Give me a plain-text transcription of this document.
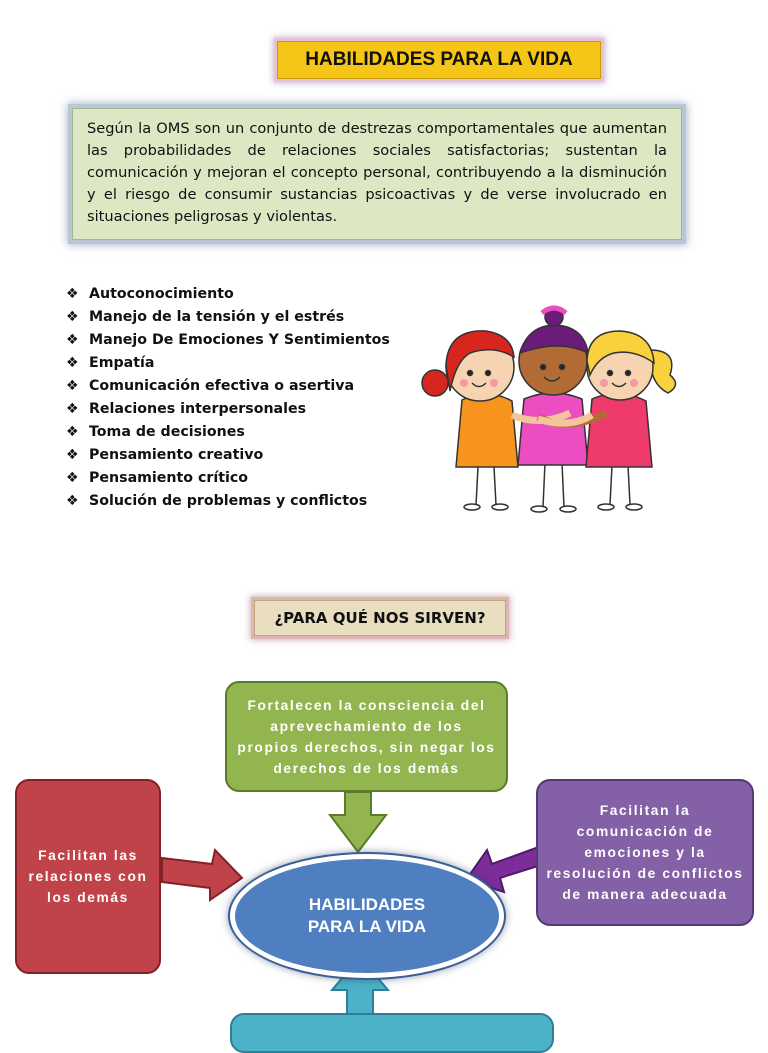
HABILIDADES PARA LA VIDA
Según la OMS son un conjunto de destrezas comportamentales que aumentan las probabilidades de relaciones sociales satisfactorias; sustentan la comunicación y mejoran el concepto personal, contribuyendo a la disminución y el riesgo de consumir sustancias psicoactivas y de verse involucrado en situaciones peligrosas y violentas.
❖ Autoconocimiento
❖ Manejo de la tensión y el estrés
❖ Manejo De Emociones Y Sentimientos
❖ Empatía
❖ Comunicación efectiva o asertiva
❖ Relaciones interpersonales
❖ Toma de decisiones
❖ Pensamiento creativo
❖ Pensamiento crítico
❖ Solución de problemas y conflictos
¿PARA QUÉ NOS SIRVEN?
Fortalecen la consciencia del aprevechamiento de los propios derechos, sin negar los derechos de los demás
Facilitan las relaciones con los demás
Facilitan la comunicación de emociones y la resolución de conflictos de manera adecuada
HABILIDADES
PARA LA VIDA
